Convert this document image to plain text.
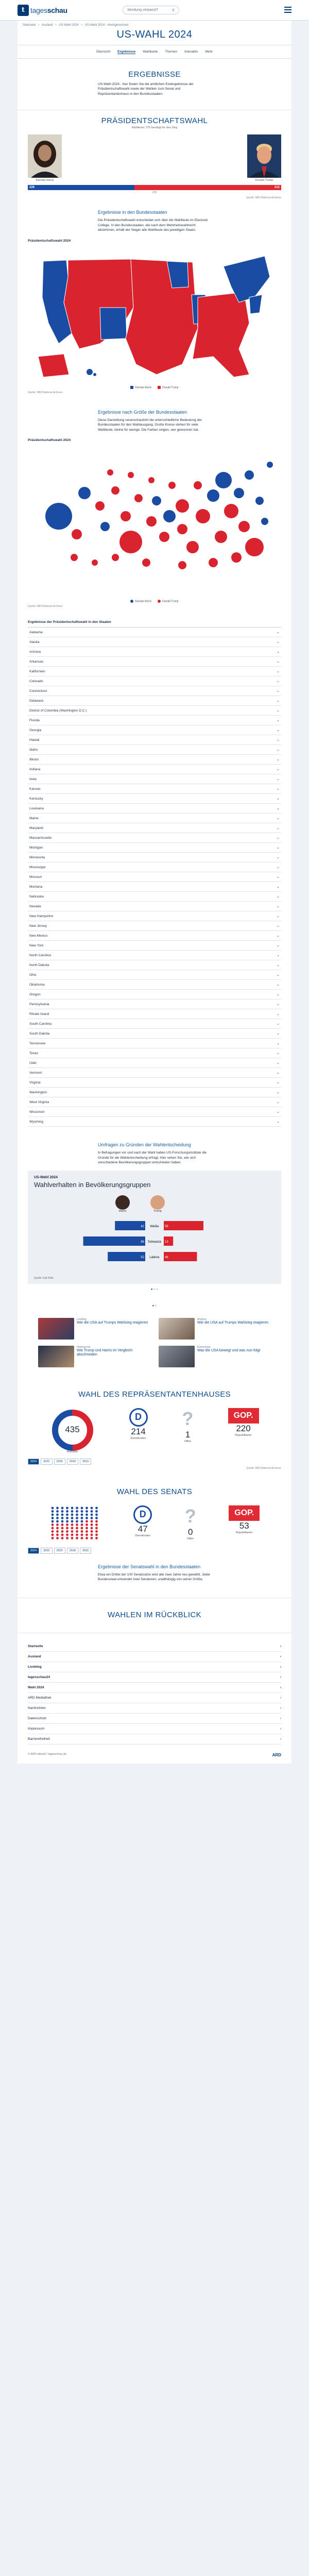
t tagesschau	Sendung verpasst?	⚲
Startseite > Ausland > US-Wahl 2024 > US-Wahl 2024 - Hochgerechnet
US-WAHL 2024
Übersicht Ergebnisse Wahlkarte Themen Interaktiv Mehr
ERGEBNISSE
US-Wahl 2024 - hier finden Sie die amtlichen Endergebnisse der Präsidentschaftswahl sowie der Wahlen zum Senat und Repräsentantenhaus in den Bundesstaaten.
PRÄSIDENTSCHAFTSWAHL
Wahlleute: 270 benötigt für den Sieg
Kamala Harris	Donald Trump
226	312
270
Quelle: NBC/National Archives
Ergebnisse in den Bundesstaaten
Die Präsidentschaftswahl entscheidet sich über die Wahlleute im Electoral College. In den Bundesstaaten, die nach dem Mehrheitswahlrecht abstimmen, erhält der Sieger alle Wahlleute des jeweiligen Staats.
Präsidentschaftswahl 2024
Kamala Harris	Donald Trump
Quelle: NBC/National Archives
Ergebnisse nach Größe der Bundesstaaten
Diese Darstellung veranschaulicht die unterschiedliche Bedeutung der Bundesstaaten für den Wahlausgang. Große Kreise stehen für viele Wahlleute, kleine für wenige. Die Farben zeigen, wer gewonnen hat.
Präsidentschaftswahl 2024
Kamala Harris	Donald Trump
Quelle: NBC/National Archives
Ergebnisse der Präsidentschaftswahl in den Staaten
Alabama	⌄
Alaska	⌄
Arizona	⌄
Arkansas	⌄
Kalifornien	⌄
Colorado	⌄
Connecticut	⌄
Delaware	⌄
District of Columbia (Washington D.C.)	⌄
Florida	⌄
Georgia	⌄
Hawaii	⌄
Idaho	⌄
Illinois	⌄
Indiana	⌄
Iowa	⌄
Kansas	⌄
Kentucky	⌄
Louisiana	⌄
Maine	⌄
Maryland	⌄
Massachusetts	⌄
Michigan	⌄
Minnesota	⌄
Mississippi	⌄
Missouri	⌄
Montana	⌄
Nebraska	⌄
Nevada	⌄
New Hampshire	⌄
New Jersey	⌄
New Mexico	⌄
New York	⌄
North Carolina	⌄
North Dakota	⌄
Ohio	⌄
Oklahoma	⌄
Oregon	⌄
Pennsylvania	⌄
Rhode Island	⌄
South Carolina	⌄
South Dakota	⌄
Tennessee	⌄
Texas	⌄
Utah	⌄
Vermont	⌄
Virginia	⌄
Washington	⌄
West Virginia	⌄
Wisconsin	⌄
Wyoming	⌄
Umfragen zu Gründen der Wahlentscheidung
In Befragungen vor und nach der Wahl haben US-Forschungsinstitute die Gründe für die Wahlentscheidung erfragt. Hier sehen Sie, wie sich verschiedene Bevölkerungsgruppen entschieden haben.
US-Wahl 2024
Wahlverhalten in Bevölkerungsgruppen
Harris	Trump
Weiße
42	55
Schwarze
86	13
Latinos
52	46
Quelle: Exit Polls
● ○ ○
● ○
Liveblog
Wie die USA auf Trumps Wahlsieg reagieren
Analyse
Wie die USA auf Trumps Wahlsieg reagieren
Hintergrund
Wie Trump und Harris im Vergleich abschneiden
Kommentar
Was die USA bewegt und was nun folgt
WAHL DES REPRÄSENTANTENHAUSES
435
Mandate
D
214
Demokraten
?
1
Offen
GOP.
220
Republikaner
2024	2022	2020	2018	2016
Quelle: NBC/National Archives
WAHL DES SENATS
D
47
Demokraten
?
0
Offen
GOP.
53
Republikaner
2024	2022	2020	2018	2016
Ergebnisse der Senatswahl in den Bundesstaaten
Etwa ein Drittel der 100 Senatssitze wird alle zwei Jahre neu gewählt. Jeder Bundesstaat entsendet zwei Senatoren, unabhängig von seiner Größe.
WAHLEN IM RÜCKBLICK
Startseite	›
Ausland	›
Liveblog	›
tagesschau24	›
Wahl 2024	›
ARD Mediathek	›
Nachrichten	›
Datenschutz	›
Impressum	›
Barrierefreiheit	›
© ARD-aktuell / tagesschau.de	ARD
